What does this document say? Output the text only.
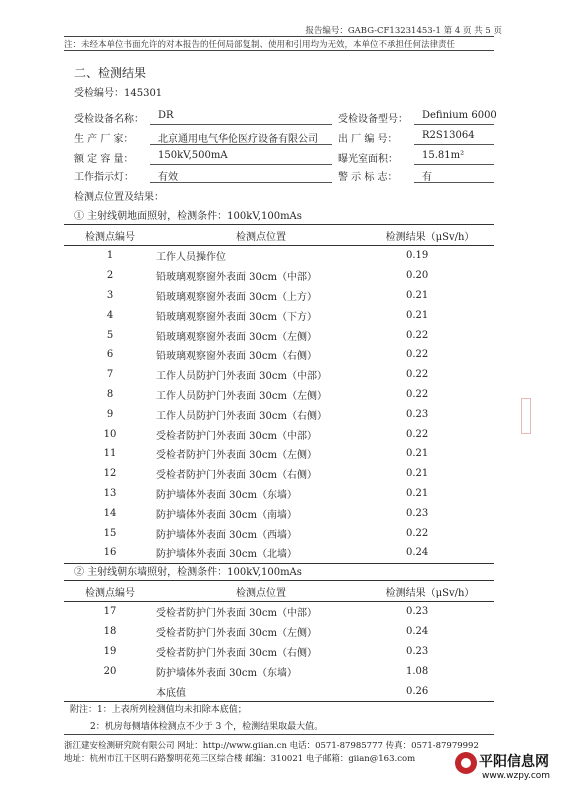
报告编号：GABG-CF13231453-1 第 4 页 共 5 页
注：未经本单位书面允许的对本报告的任何局部复制、使用和引用均为无效，本单位不承担任何法律责任
二、检测结果
受检编号：145301
受检设备名称： DR	受检设备型号： Definium 6000
生 产 厂 家： 北京通用电气华伦医疗设备有限公司 出 厂 编 号： R2S13064
额 定 容 量： 150kV,500mA	曝光室面积： 15.81m²
工作指示灯： 有效	警 示 标 志： 有
检测点位置及结果：
① 主射线朝地面照射，检测条件：100kV,100mAs
检测点编号	检测点位置	检测结果（μSv/h）
1	工作人员操作位	0.19
2	铅玻璃观察窗外表面 30cm（中部）	0.20
3	铅玻璃观察窗外表面 30cm（上方）	0.21
4	铅玻璃观察窗外表面 30cm（下方）	0.21
5	铅玻璃观察窗外表面 30cm（左侧）	0.22
6	铅玻璃观察窗外表面 30cm（右侧）	0.22
7	工作人员防护门外表面 30cm（中部）	0.22
8	工作人员防护门外表面 30cm（左侧）	0.22
9	工作人员防护门外表面 30cm（右侧）	0.23
10	受检者防护门外表面 30cm（中部）	0.22
11	受检者防护门外表面 30cm（左侧）	0.21
12	受检者防护门外表面 30cm（右侧）	0.21
13	防护墙体外表面 30cm（东墙）	0.21
14	防护墙体外表面 30cm（南墙）	0.23
15	防护墙体外表面 30cm（西墙）	0.22
16	防护墙体外表面 30cm（北墙）	0.24
② 主射线朝东墙照射，检测条件：100kV,100mAs
检测点编号	检测点位置	检测结果（μSv/h）
17	受检者防护门外表面 30cm（中部）	0.23
18	受检者防护门外表面 30cm（左侧）	0.24
19	受检者防护门外表面 30cm（右侧）	0.23
20	防护墙体外表面 30cm（东墙）	1.08
	本底值	0.26
附注：1：上表所列检测值均未扣除本底值；
2：机房每侧墙体检测点不少于 3 个，检测结果取最大值。
浙江建安检测研究院有限公司 网址：http://www.giian.cn 电话：0571-87985777 传真：0571-87979992
地址：杭州市江干区明石路黎明花苑三区综合楼 邮编：310021 电子邮箱：giian@163.com	平阳信息网
www.wzpy.com
